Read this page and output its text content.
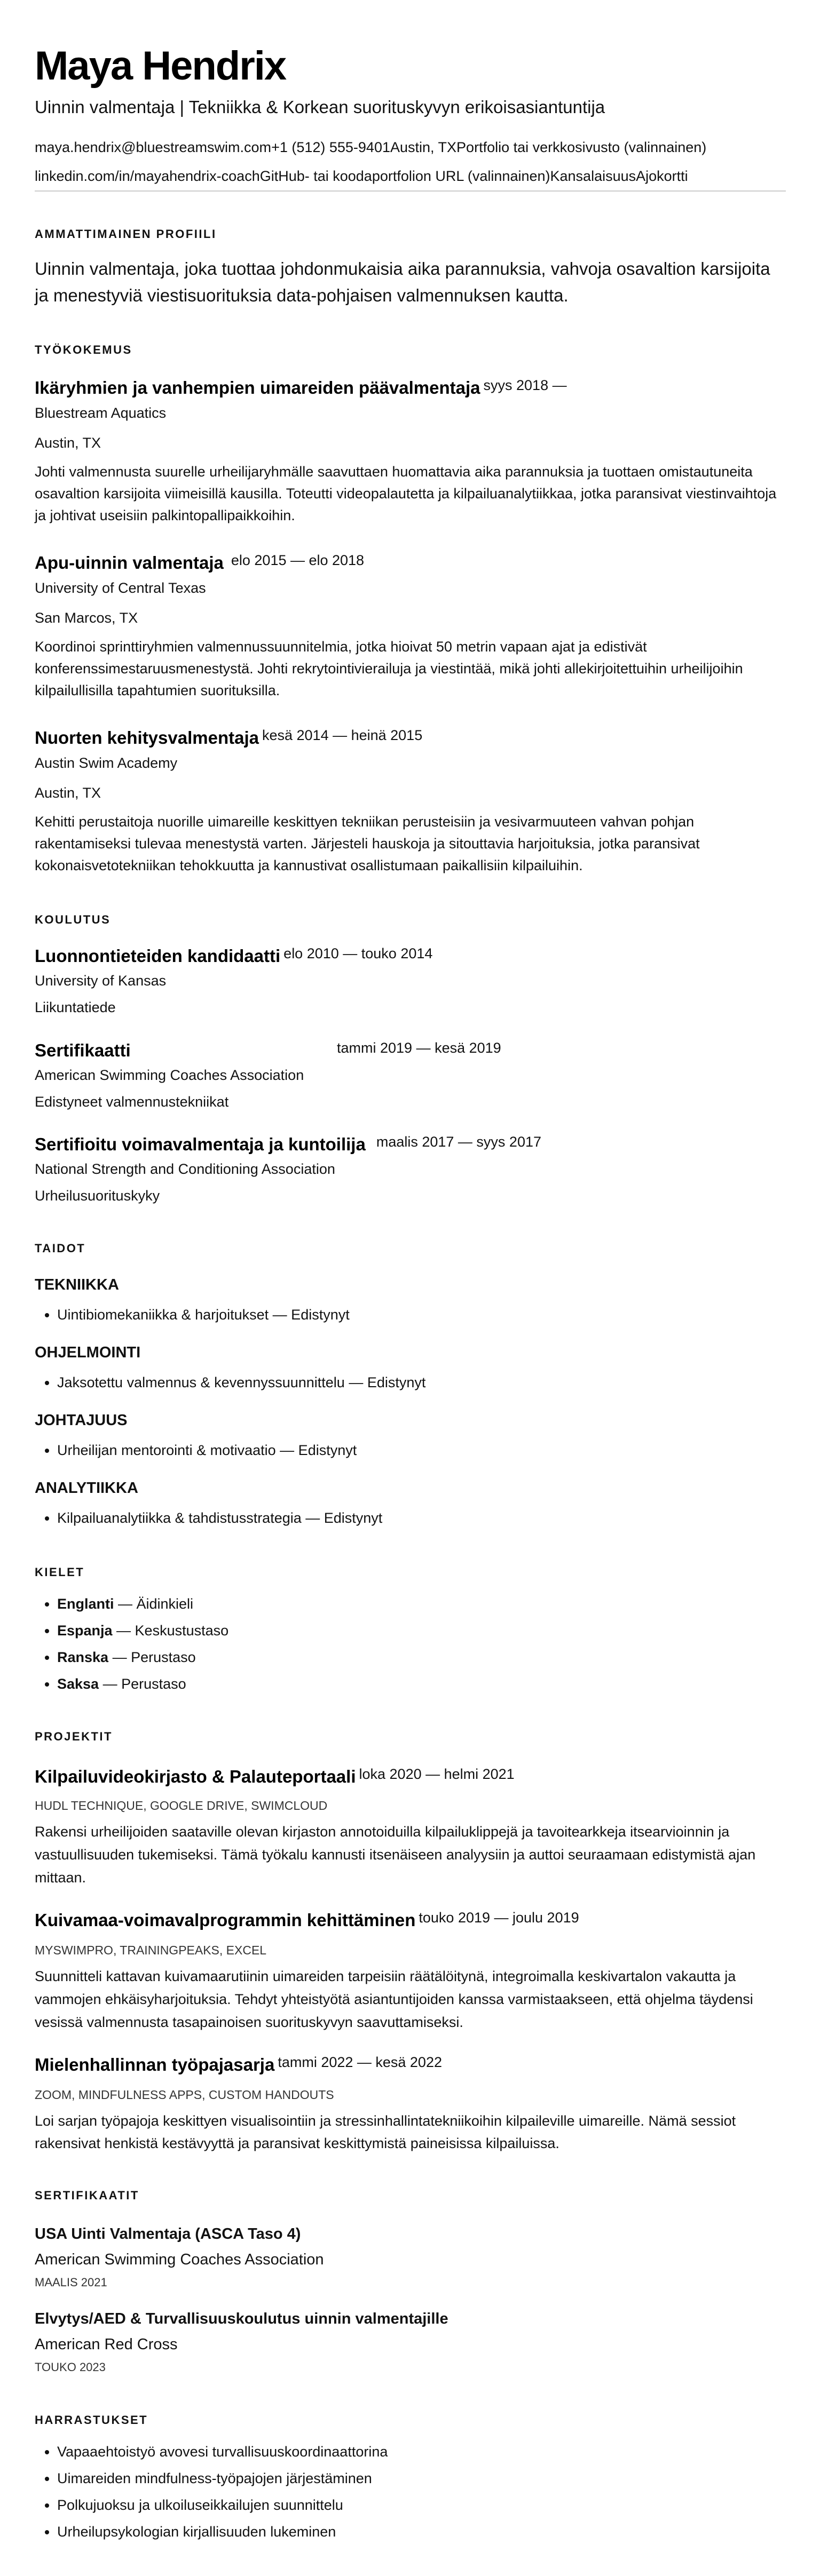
Maya Hendrix
Uinnin valmentaja | Tekniikka & Korkean suorituskyvyn erikoisasiantuntija
maya.hendrix@bluestreamswim.com+1 (512) 555-9401Austin, TXPortfolio tai verkkosivusto (valinnainen)
linkedin.com/in/mayahendrix-coachGitHub- tai koodaportfolion URL (valinnainen)KansalaisuusAjokortti
AMMATTIMAINEN PROFIILI
Uinnin valmentaja, joka tuottaa johdonmukaisia aika parannuksia, vahvoja osavaltion karsijoita ja menestyviä viestisuorituksia data-pohjaisen valmennuksen kautta.
TYÖKOKEMUS
Ikäryhmien ja vanhempien uimareiden päävalmentaja $^{syys 2018 —}$
Bluestream Aquatics
Austin, TX
Johti valmennusta suurelle urheilijaryhmälle saavuttaen huomattavia aika parannuksia ja tuottaen omistautuneita osavaltion karsijoita viimeisillä kausilla. Toteutti videopalautetta ja kilpailuanalytiikkaa, jotka paransivat viestinvaihtoja ja johtivat useisiin palkintopallipaikkoihin.
Apu-uinnin valmentaja $^{elo 2015 — elo 2018}$
University of Central Texas
San Marcos, TX
Koordinoi sprinttiryhmien valmennussuunnitelmia, jotka hioivat 50 metrin vapaan ajat ja edistivät konferenssimestaruusmenestystä. Johti rekrytointivierailuja ja viestintää, mikä johti allekirjoitettuihin urheilijoihin kilpailullisilla tapahtumien suorituksilla.
Nuorten kehitysvalmentaja $^{kesä 2014 — heinä 2015}$
Austin Swim Academy
Austin, TX
Kehitti perustaitoja nuorille uimareille keskittyen tekniikan perusteisiin ja vesivarmuuteen vahvan pohjan rakentamiseksi tulevaa menestystä varten. Järjesteli hauskoja ja sitouttavia harjoituksia, jotka paransivat kokonaisvetotekniikan tehokkuutta ja kannustivat osallistumaan paikallisiin kilpailuihin.
KOULUTUS
Luonnontieteiden kandidaatti $^{elo 2010 — touko 2014}$
University of Kansas
Liikuntatiede
Sertifikaatti	$^{tammi 2019 — kesä 2019}$
American Swimming Coaches Association
Edistyneet valmennustekniikat
Sertifioitu voimavalmentaja ja kuntoilija $^{maalis 2017 — syys 2017}$
National Strength and Conditioning Association
Urheilusuorituskyky
TAIDOT
TEKNIIKKA
• Uintibiomekaniikka & harjoitukset — Edistynyt
OHJELMOINTI
• Jaksotettu valmennus & kevennyssuunnittelu — Edistynyt
JOHTAJUUS
• Urheilijan mentorointi & motivaatio — Edistynyt
ANALYTIIKKA
• Kilpailuanalytiikka & tahdistusstrategia — Edistynyt
KIELET
• Englanti — Äidinkieli
• Espanja — Keskustustaso
• Ranska — Perustaso
• Saksa — Perustaso
PROJEKTIT
Kilpailuvideokirjasto & Palauteportaali $^{loka 2020 — helmi 2021}$
HUDL TECHNIQUE, GOOGLE DRIVE, SWIMCLOUD
Rakensi urheilijoiden saataville olevan kirjaston annotoiduilla kilpailuklippejä ja tavoitearkkeja itsearvioinnin ja vastuullisuuden tukemiseksi. Tämä työkalu kannusti itsenäiseen analyysiin ja auttoi seuraamaan edistymistä ajan mittaan.
Kuivamaa-voimavalprogrammin kehittäminen $^{touko 2019 — joulu 2019}$
MYSWIMPRO, TRAININGPEAKS, EXCEL
Suunnitteli kattavan kuivamaarutiinin uimareiden tarpeisiin räätälöitynä, integroimalla keskivartalon vakautta ja vammojen ehkäisyharjoituksia. Tehdyt yhteistyötä asiantuntijoiden kanssa varmistaakseen, että ohjelma täydensi vesissä valmennusta tasapainoisen suorituskyvyn saavuttamiseksi.
Mielenhallinnan työpajasarja $^{tammi 2022 — kesä 2022}$
ZOOM, MINDFULNESS APPS, CUSTOM HANDOUTS
Loi sarjan työpajoja keskittyen visualisointiin ja stressinhallintatekniikoihin kilpaileville uimareille. Nämä sessiot rakensivat henkistä kestävyyttä ja paransivat keskittymistä paineisissa kilpailuissa.
SERTIFIKAATIT
USA Uinti Valmentaja (ASCA Taso 4)
American Swimming Coaches Association
MAALIS 2021
Elvytys/AED & Turvallisuuskoulutus uinnin valmentajille
American Red Cross
TOUKO 2023
HARRASTUKSET
• Vapaaehtoistyö avovesi turvallisuuskoordinaattorina
• Uimareiden mindfulness-työpajojen järjestäminen
• Polkujuoksu ja ulkoiluseikkailujen suunnittelu
• Urheilupsykologian kirjallisuuden lukeminen
